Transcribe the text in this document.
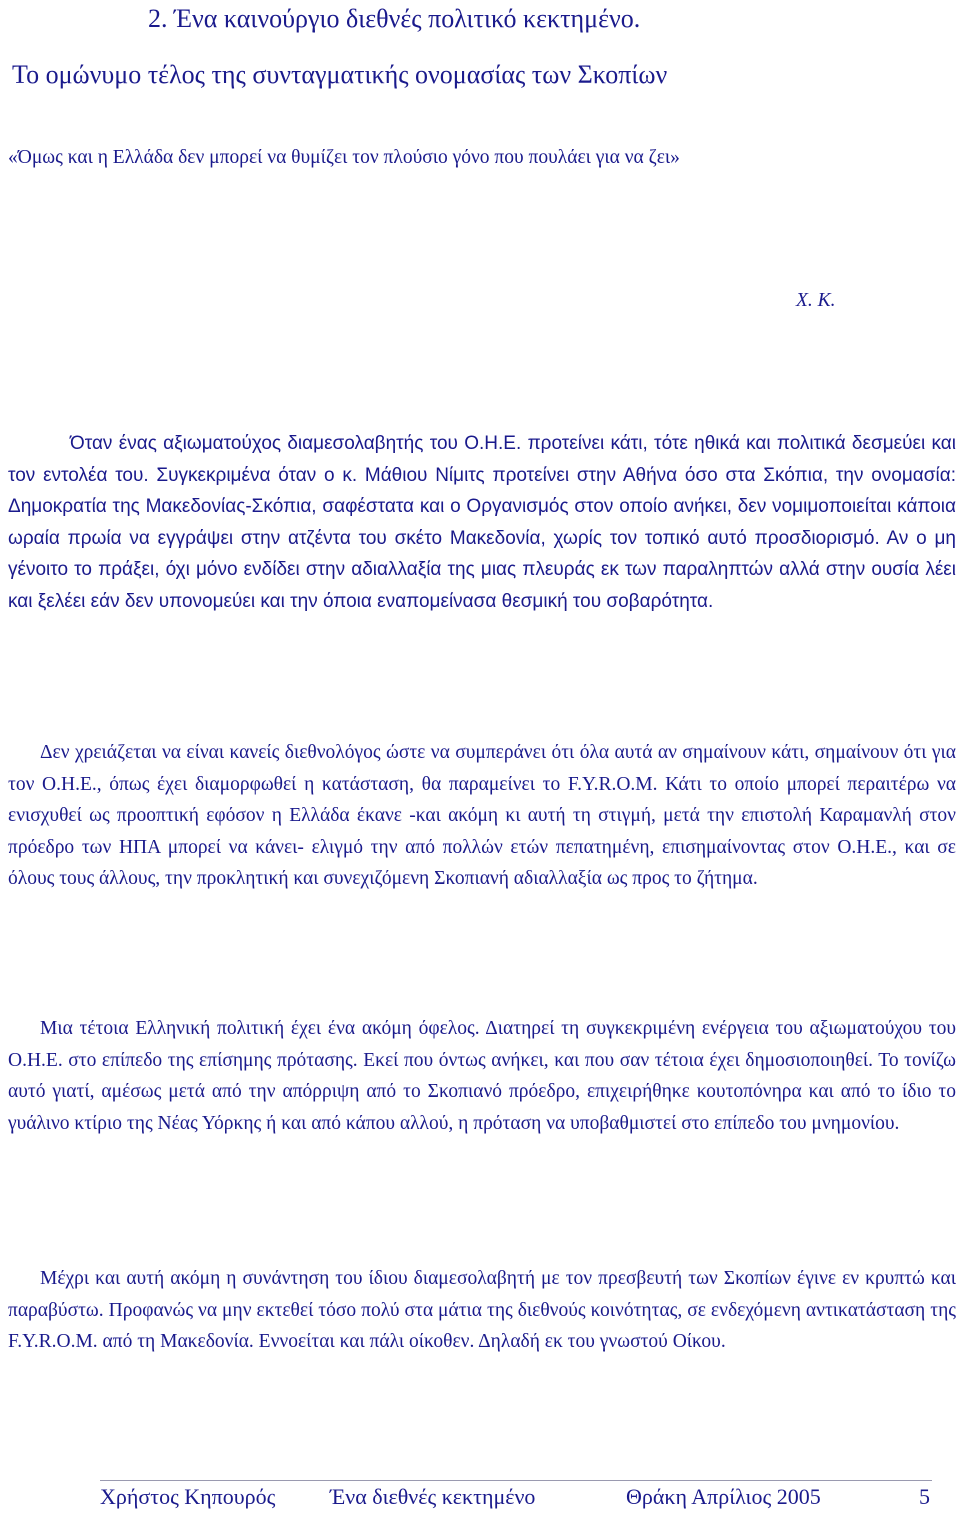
2. Ένα καινούργιο διεθνές πολιτικό κεκτημένο.
Το ομώνυμο τέλος της συνταγματικής ονομασίας των Σκοπίων
«Όμως και η Ελλάδα δεν μπορεί να θυμίζει τον πλούσιο γόνο που πουλάει για να ζει»
Χ. Κ.

Όταν ένας αξιωματούχος διαμεσολαβητής του Ο.Η.Ε. προτείνει κάτι, τότε ηθικά και πολιτικά δεσμεύει και τον εντολέα του. Συγκεκριμένα όταν ο κ. Μάθιου Νίμιτς προτείνει στην Αθήνα όσο στα Σκόπια, την ονομασία: Δημοκρατία της Μακεδονίας-Σκόπια, σαφέστατα και ο Οργανισμός στον οποίο ανήκει, δεν νομιμοποιείται κάποια ωραία πρωία να εγγράψει στην ατζέντα του σκέτο Μακεδονία, χωρίς τον τοπικό αυτό προσδιορισμό. Αν ο μη γένοιτο το πράξει, όχι μόνο ενδίδει στην αδιαλλαξία της μιας πλευράς εκ των παραληπτών αλλά στην ουσία λέει και ξελέει εάν δεν υπονομεύει και την όποια εναπομείνασα θεσμική του σοβαρότητα.

Δεν χρειάζεται να είναι κανείς διεθνολόγος ώστε να συμπεράνει ότι όλα αυτά αν σημαίνουν κάτι, σημαίνουν ότι για τον Ο.Η.Ε., όπως έχει διαμορφωθεί η κατάσταση, θα παραμείνει το F.Y.R.O.M. Κάτι το οποίο μπορεί περαιτέρω να ενισχυθεί ως προοπτική εφόσον η Ελλάδα έκανε -και ακόμη κι αυτή τη στιγμή, μετά την επιστολή Καραμανλή στον πρόεδρο των ΗΠΑ μπορεί να κάνει- ελιγμό την από πολλών ετών πεπατημένη, επισημαίνοντας στον Ο.Η.Ε., και σε όλους τους άλλους, την προκλητική και συνεχιζόμενη Σκοπιανή αδιαλλαξία ως προς το ζήτημα.

Μια τέτοια Ελληνική πολιτική έχει ένα ακόμη όφελος. Διατηρεί τη συγκεκριμένη ενέργεια του αξιωματούχου του Ο.Η.Ε. στο επίπεδο της επίσημης πρότασης. Εκεί που όντως ανήκει, και που σαν τέτοια έχει δημοσιοποιηθεί. Το τονίζω αυτό γιατί, αμέσως μετά από την απόρριψη από το Σκοπιανό πρόεδρο, επιχειρήθηκε κουτοπόνηρα και από το ίδιο το γυάλινο κτίριο της Νέας Υόρκης ή και από κάπου αλλού, η πρόταση να υποβαθμιστεί στο επίπεδο του μνημονίου.

Μέχρι και αυτή ακόμη η συνάντηση του ίδιου διαμεσολαβητή με τον πρεσβευτή των Σκοπίων έγινε εν κρυπτώ και παραβύστω. Προφανώς να μην εκτεθεί τόσο πολύ στα μάτια της διεθνούς κοινότητας, σε ενδεχόμενη αντικατάσταση της F.Y.R.O.M. από τη Μακεδονία. Εννοείται και πάλι οίκοθεν. Δηλαδή εκ του γνωστού Οίκου.

Χρήστος Κηπουρός	Ένα διεθνές κεκτημένο	Θράκη Απρίλιος 2005	5
